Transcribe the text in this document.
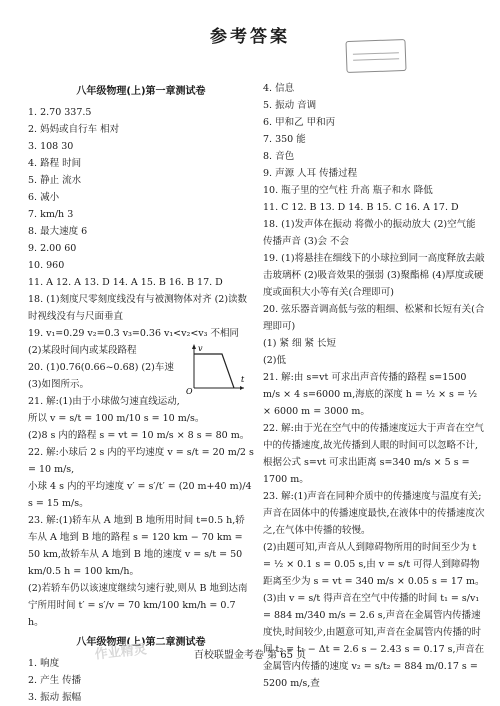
参考答案
八年级物理(上)第一章测试卷
1. 2.70 337.5
2. 妈妈或自行车 相对
3. 108 30
4. 路程 时间
5. 静止 流水
6. 减小
7. km/h 3
8. 最大速度 6
9. 2.00 60
10. 960
11. A 12. A 13. D 14. A 15. B 16. B 17. D
18. (1)刻度尺零刻度线没有与被测物体对齐 (2)读数时视线没有与尺面垂直
19. v₁=0.29 v₂=0.3 v₃=0.36 v₁<v₂<v₃ 不相同 (2)某段时间内或某段路程
20. (1)0.76(0.66~0.68) (2)车速
(3)如图所示。
v
t
O
21. 解:(1)由于小球做匀速直线运动,
所以 v = s/t = 100 m/10 s = 10 m/s。
(2)8 s 内的路程 s = vt = 10 m/s × 8 s = 80 m。
22. 解:小球后 2 s 内的平均速度 v = s/t = 20 m/2 s = 10 m/s,
小球 4 s 内的平均速度 v′ = s′/t′ = (20 m+40 m)/4 s = 15 m/s。
23. 解:(1)轿车从 A 地到 B 地所用时间 t=0.5 h,轿车从 A 地到 B 地的路程 s = 120 km − 70 km = 50 km,故轿车从 A 地到 B 地的速度 v = s/t = 50 km/0.5 h = 100 km/h。
(2)若轿车仍以该速度继续匀速行驶,则从 B 地到达南宁所用时间 t′ = s′/v = 70 km/100 km/h = 0.7 h。
八年级物理(上)第二章测试卷
1. 响度
2. 产生 传播
3. 振动 振幅
4. 信息
5. 振动 音调
6. 甲和乙 甲和丙
7. 350 能
8. 音色
9. 声源 人耳 传播过程
10. 瓶子里的空气柱 升高 瓶子和水 降低
11. C 12. B 13. D 14. B 15. C 16. A 17. D
18. (1)发声体在振动 将微小的振动放大 (2)空气能传播声音 (3)会 不会
19. (1)将悬挂在细线下的小球拉到同一高度释放去敲击玻璃杯 (2)吸音效果的强弱 (3)聚酯棉 (4)厚度或硬度或面积大小等有关(合理即可)
20. 弦乐器音调高低与弦的粗细、松紧和长短有关(合理即可)
(1) 紧 细 紧 长短
(2)低
21. 解:由 s=vt 可求出声音传播的路程 s=1500 m/s × 4 s=6000 m,海底的深度 h = ½ × s = ½ × 6000 m = 3000 m。
22. 解:由于光在空气中的传播速度远大于声音在空气中的传播速度,故光传播到人眼的时间可以忽略不计,根据公式 s=vt 可求出距离 s=340 m/s × 5 s = 1700 m。
23. 解:(1)声音在同种介质中的传播速度与温度有关;声音在固体中的传播速度最快,在液体中的传播速度次之,在气体中传播的较慢。
(2)由题可知,声音从人到障碍物所用的时间至少为 t = ½ × 0.1 s = 0.05 s,由 v = s/t 可得人到障碍物距离至少为 s = vt = 340 m/s × 0.05 s = 17 m。
(3)由 v = s/t 得声音在空气中传播的时间 t₁ = s/v₁ = 884 m/340 m/s = 2.6 s,声音在金属管内传播速度快,时间较少,由题意可知,声音在金属管内传播的时间 t₂ = t₁ − Δt = 2.6 s − 2.43 s = 0.17 s,声音在金属管内传播的速度 v₂ = s/t₂ = 884 m/0.17 s = 5200 m/s,查
作业精灵	百校联盟金考卷 第 65 页
